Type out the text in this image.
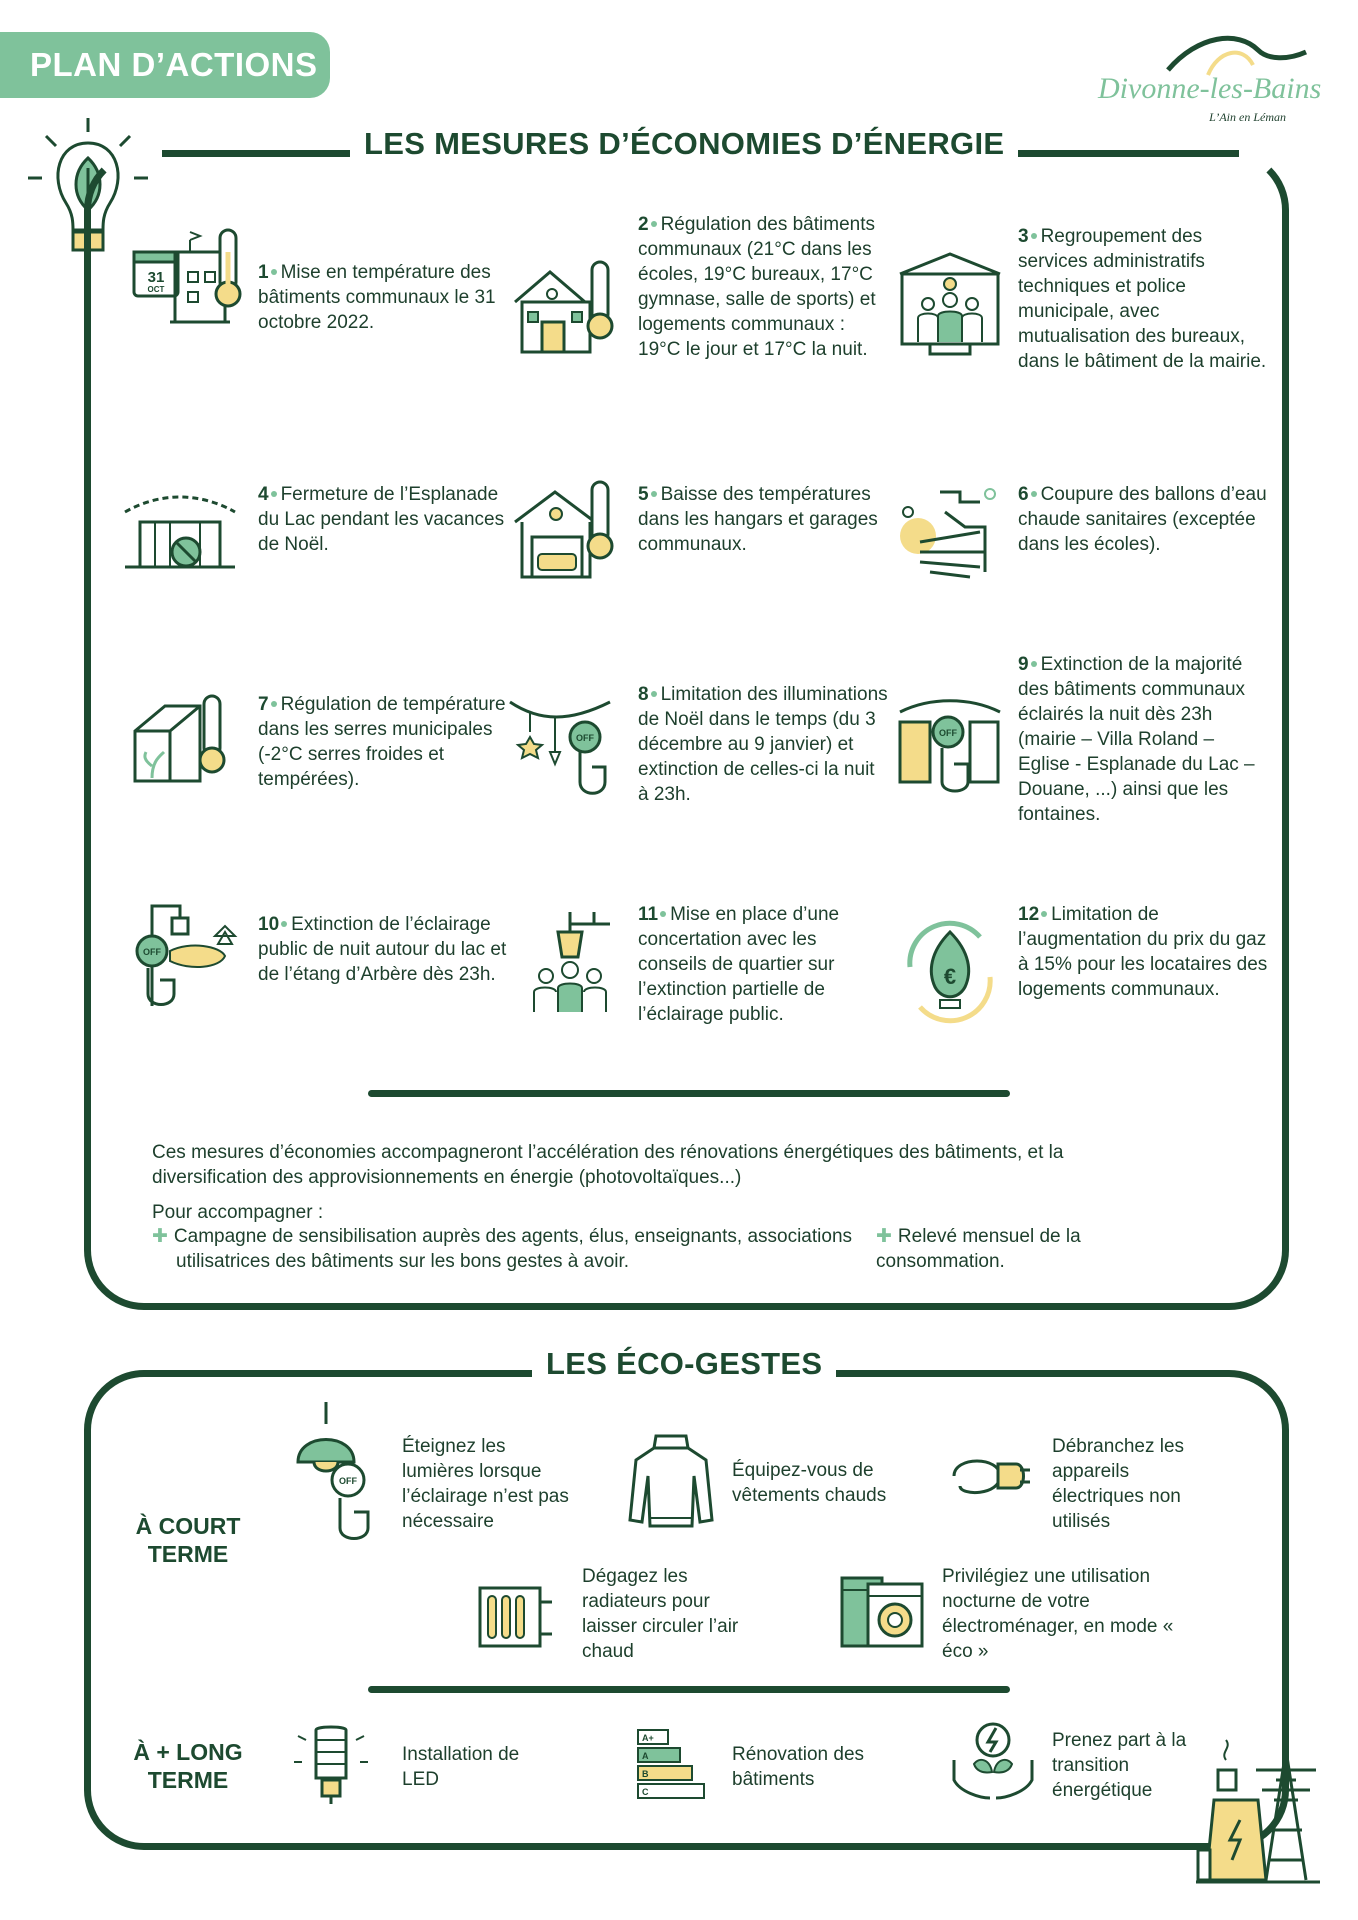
PLAN D’ACTIONS
Divonne-les-Bains
L’Ain en Léman
LES MESURES D’ÉCONOMIES D’ÉNERGIE
31
OCT
1 Mise en température des bâtiments communaux le 31 octobre 2022.
2 Régulation des bâtiments communaux (21°C dans les écoles, 19°C bureaux, 17°C gymnase, salle de sports) et logements communaux : 19°C le jour et 17°C la nuit.
3 Regroupement des services administratifs techniques et police municipale, avec mutualisation des bureaux, dans le bâtiment de la mairie.
4 Fermeture de l’Esplanade du Lac pendant les vacances de Noël.
5 Baisse des températures dans les hangars et garages communaux.
6 Coupure des ballons d’eau chaude sanitaires (exceptée dans les écoles).
7 Régulation de température dans les serres municipales (-2°C serres froides et tempérées).
OFF
8 Limitation des illuminations de Noël dans le temps (du 3 décembre au 9 janvier) et extinction de celles-ci la nuit à 23h.
OFF
9 Extinction de la majorité des bâtiments communaux éclairés la nuit dès 23h (mairie – Villa Roland – Eglise - Esplanade du Lac – Douane, ...) ainsi que les fontaines.
OFF
10 Extinction de l’éclairage public de nuit autour du lac et de l’étang d’Arbère dès 23h.
11 Mise en place d’une concertation avec les conseils de quartier sur l’extinction partielle de l’éclairage public.
€
12 Limitation de l’augmentation du prix du gaz à 15% pour les locataires des logements communaux.
Ces mesures d’économies accompagneront l’accélération des rénovations énergétiques des bâtiments, et la diversification des approvisionnements en énergie (photovoltaïques...)
Pour accompagner :
✚ Campagne de sensibilisation auprès des agents, élus, enseignants, associations utilisatrices des bâtiments sur les bons gestes à avoir.
✚ Relevé mensuel de la consommation.
LES ÉCO-GESTES
À COURT TERME
À + LONG TERME
OFF
Éteignez les lumières lorsque l’éclairage n’est pas nécessaire
Équipez-vous de vêtements chauds
Débranchez les appareils électriques non utilisés
Dégagez les radiateurs pour laisser circuler l’air chaud
Privilégiez une utilisation nocturne de votre électroménager, en mode « éco »
Installation de LED
A+
A
B
C
Rénovation des bâtiments
Prenez part à la transition énergétique
